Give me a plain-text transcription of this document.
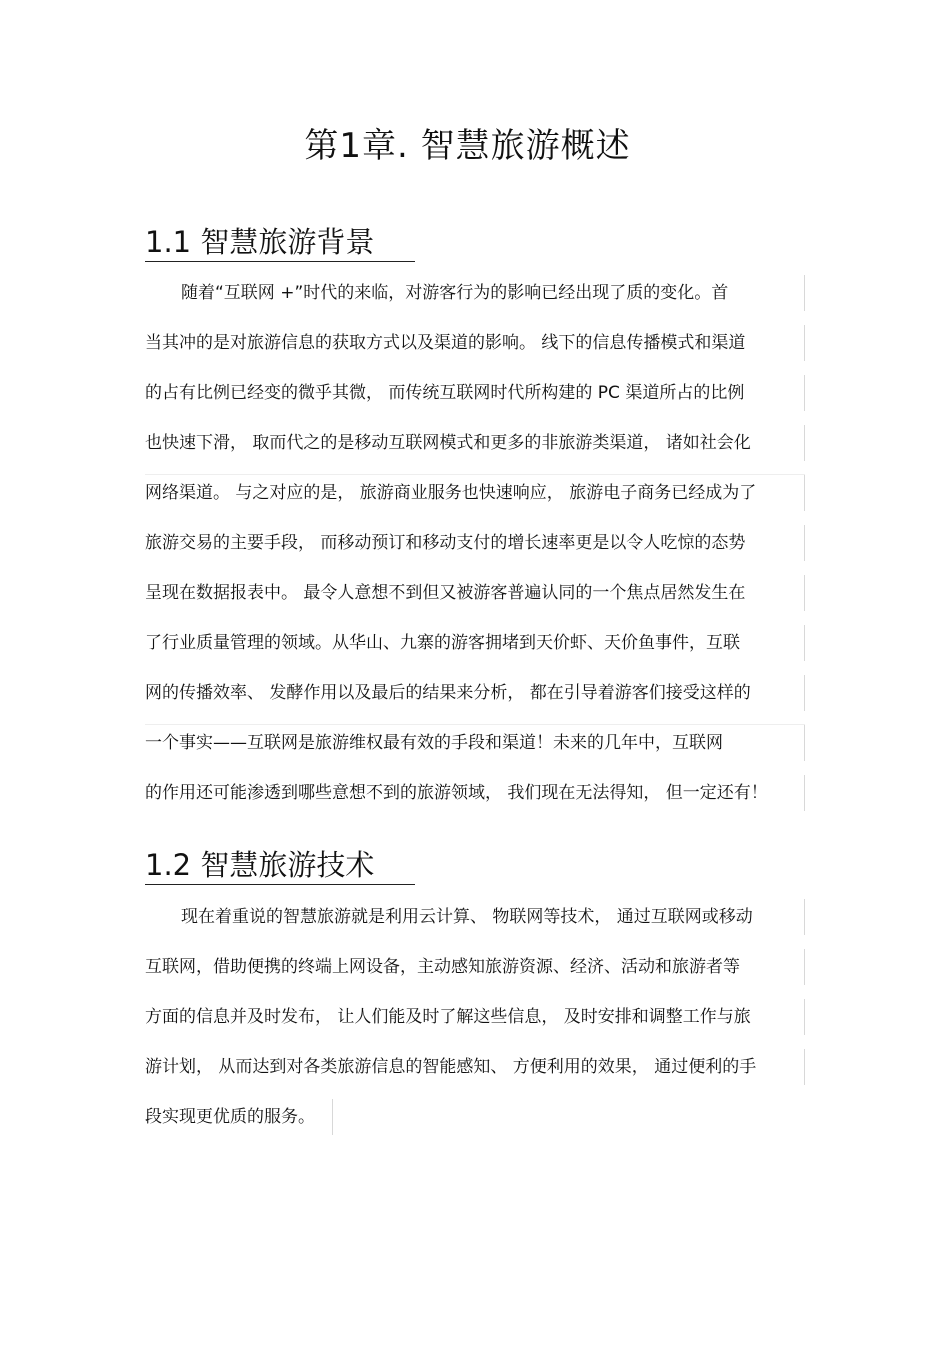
第1章. 智慧旅游概述
1.1 智慧旅游背景
随着“互联网 +”时代的来临，对游客行为的影响已经出现了质的变化。首
当其冲的是对旅游信息的获取方式以及渠道的影响。 线下的信息传播模式和渠道
的占有比例已经变的微乎其微， 而传统互联网时代所构建的 PC 渠道所占的比例
也快速下滑， 取而代之的是移动互联网模式和更多的非旅游类渠道， 诸如社会化
网络渠道。 与之对应的是， 旅游商业服务也快速响应， 旅游电子商务已经成为了
旅游交易的主要手段， 而移动预订和移动支付的增长速率更是以令人吃惊的态势
呈现在数据报表中。 最令人意想不到但又被游客普遍认同的一个焦点居然发生在
了行业质量管理的领域。从华山、九寨的游客拥堵到天价虾、天价鱼事件，互联
网的传播效率、 发酵作用以及最后的结果来分析， 都在引导着游客们接受这样的
一个事实——互联网是旅游维权最有效的手段和渠道！未来的几年中，互联网
的作用还可能渗透到哪些意想不到的旅游领域， 我们现在无法得知， 但一定还有！
1.2 智慧旅游技术
现在着重说的智慧旅游就是利用云计算、 物联网等技术， 通过互联网或移动
互联网，借助便携的终端上网设备，主动感知旅游资源、经济、活动和旅游者等
方面的信息并及时发布， 让人们能及时了解这些信息， 及时安排和调整工作与旅
游计划， 从而达到对各类旅游信息的智能感知、 方便利用的效果， 通过便利的手
段实现更优质的服务。
